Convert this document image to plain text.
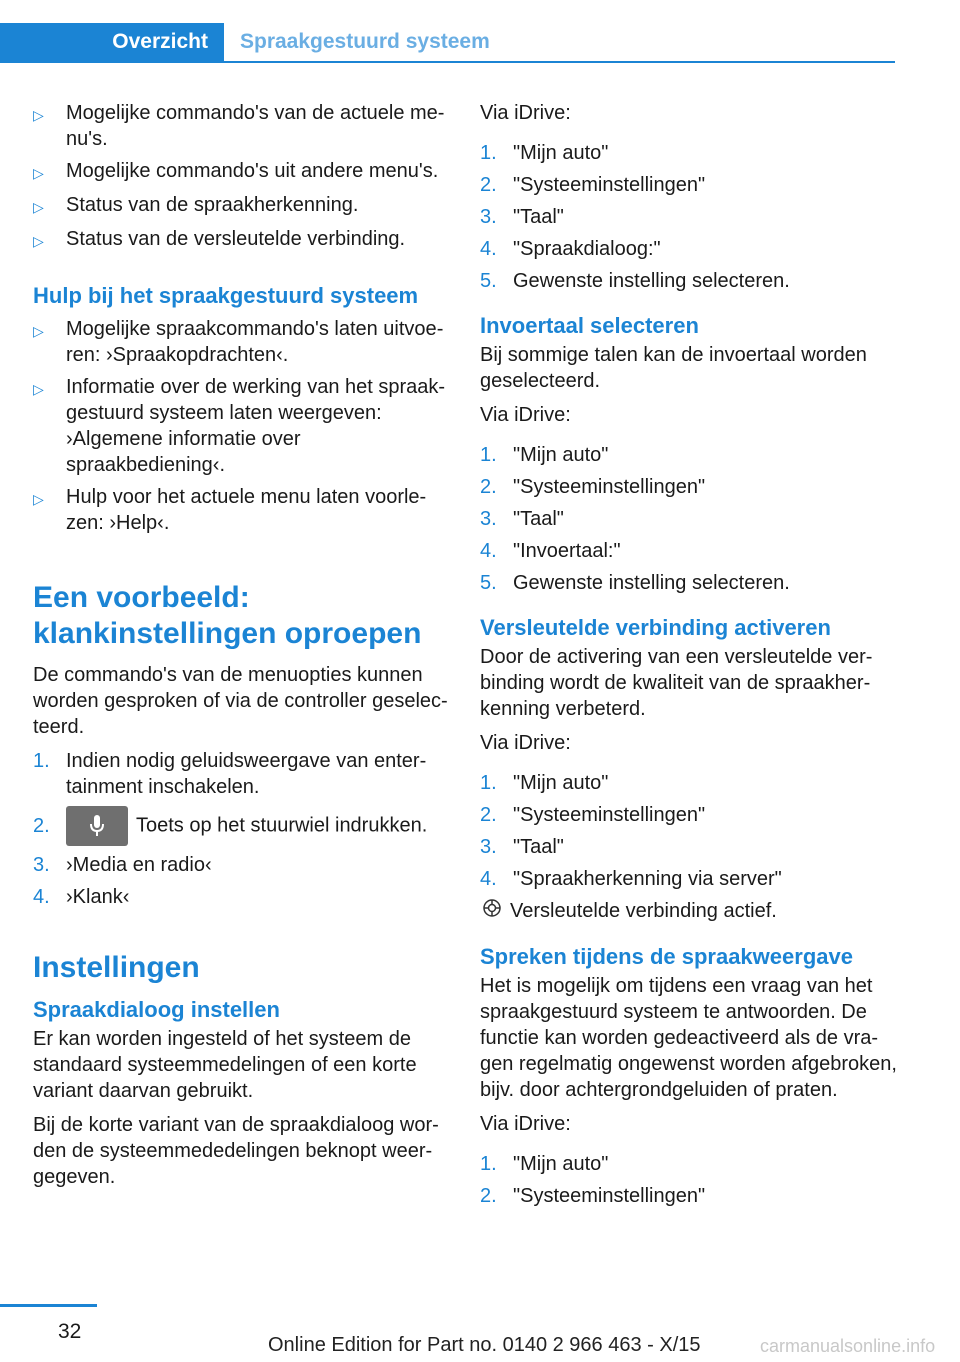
Overzicht	Spraakgestuurd systeem
▷	Mogelijke commando's van de actuele menu's.
▷	Mogelijke commando's uit andere menu's.
▷	Status van de spraakherkenning.
▷	Status van de versleutelde verbinding.
Hulp bij het spraakgestuurd systeem
▷	Mogelijke spraakcommando's laten uitvoeren: ›Spraakopdrachten‹.
▷	Informatie over de werking van het spraakgestuurd systeem laten weergeven: ›Algemene informatie over spraakbediening‹.
▷	Hulp voor het actuele menu laten voorlezen: ›Help‹.
Een voorbeeld: klankinstellingen oproepen

De commando's van de menuopties kunnen worden gesproken of via de controller geselecteerd.

1. Indien nodig geluidsweergave van entertainment inschakelen.
2.	Toets op het stuurwiel indrukken.
3. ›Media en radio‹
4. ›Klank‹
Instellingen
Spraakdialoog instellen

Er kan worden ingesteld of het systeem de standaard systeemmedelingen of een korte variant daarvan gebruikt.

Bij de korte variant van de spraakdialoog worden de systeemmededelingen beknopt weergegeven.

Via iDrive:

1. "Mijn auto"
2. "Systeeminstellingen"
3. "Taal"
4. "Spraakdialoog:"
5. Gewenste instelling selecteren.
Invoertaal selecteren

Bij sommige talen kan de invoertaal worden geselecteerd.

Via iDrive:

1. "Mijn auto"
2. "Systeeminstellingen"
3. "Taal"
4. "Invoertaal:"
5. Gewenste instelling selecteren.
Versleutelde verbinding activeren

Door de activering van een versleutelde verbinding wordt de kwaliteit van de spraakherkenning verbeterd.

Via iDrive:

1. "Mijn auto"
2. "Systeeminstellingen"
3. "Taal"
4. "Spraakherkenning via server"

Versleutelde verbinding actief.

Spreken tijdens de spraakweergave

Het is mogelijk om tijdens een vraag van het spraakgestuurd systeem te antwoorden. De functie kan worden gedeactiveerd als de vragen regelmatig ongewenst worden afgebroken, bijv. door achtergrondgeluiden of praten.

Via iDrive:

1. "Mijn auto"
2. "Systeeminstellingen"
32
Online Edition for Part no. 0140 2 966 463 - X/15	carmanualsonline.info
